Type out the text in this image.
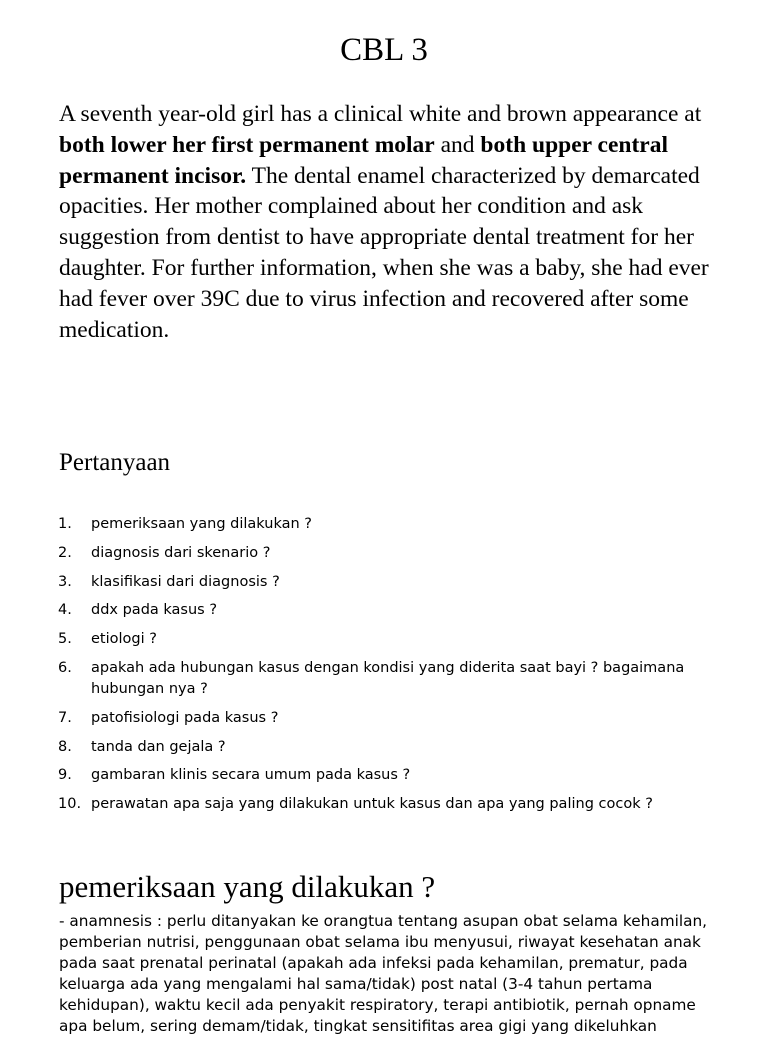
CBL 3

A seventh year-old girl has a clinical white and brown appearance at both lower her first permanent molar and both upper central permanent incisor. The dental enamel characterized by demarcated opacities. Her mother complained about her condition and ask suggestion from dentist to have appropriate dental treatment for her daughter. For further information, when she was a baby, she had ever had fever over 39C due to virus infection and recovered after some medication.

Pertanyaan
1.	pemeriksaan yang dilakukan ?
2.	diagnosis dari skenario ?
3.	klasifikasi dari diagnosis ?
4.	ddx pada kasus ?
5.	etiologi ?
6.	apakah ada hubungan kasus dengan kondisi yang diderita saat bayi ? bagaimana hubungan nya ?
7.	patofisiologi pada kasus ?
8.	tanda dan gejala ?
9.	gambaran klinis secara umum pada kasus ?
10. perawatan apa saja yang dilakukan untuk kasus dan apa yang paling cocok ?
pemeriksaan yang dilakukan ?

- anamnesis : perlu ditanyakan ke orangtua tentang asupan obat selama kehamilan, pemberian nutrisi, penggunaan obat selama ibu menyusui, riwayat kesehatan anak pada saat prenatal perinatal (apakah ada infeksi pada kehamilan, prematur, pada keluarga ada yang mengalami hal sama/tidak) post natal (3-4 tahun pertama kehidupan), waktu kecil ada penyakit respiratory, terapi antibiotik, pernah opname apa belum, sering demam/tidak, tingkat sensitifitas area gigi yang dikeluhkan
